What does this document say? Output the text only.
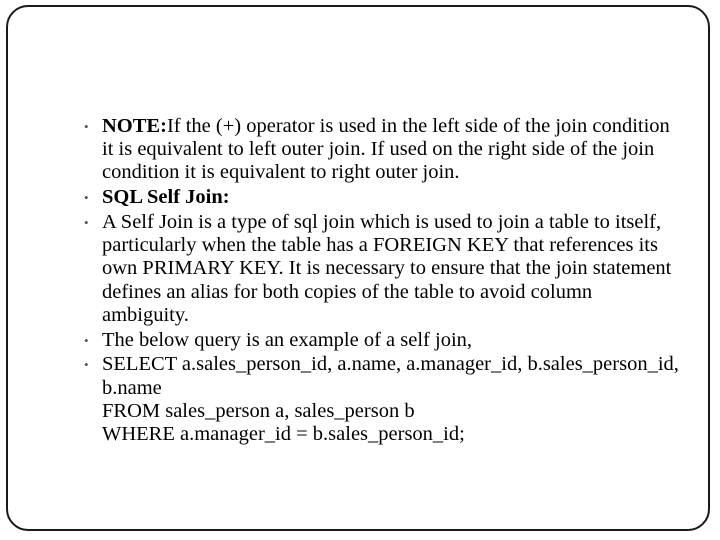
• NOTE:If the (+) operator is used in the left side of the join condition it is equivalent to left outer join. If used on the right side of the join condition it is equivalent to right outer join.
• SQL Self Join:
• A Self Join is a type of sql join which is used to join a table to itself, particularly when the table has a FOREIGN KEY that references its own PRIMARY KEY. It is necessary to ensure that the join statement defines an alias for both copies of the table to avoid column ambiguity.
• The below query is an example of a self join,
• SELECT a.sales_person_id, a.name, a.manager_id, b.sales_person_id, b.name
FROM sales_person a, sales_person b
WHERE a.manager_id = b.sales_person_id;
